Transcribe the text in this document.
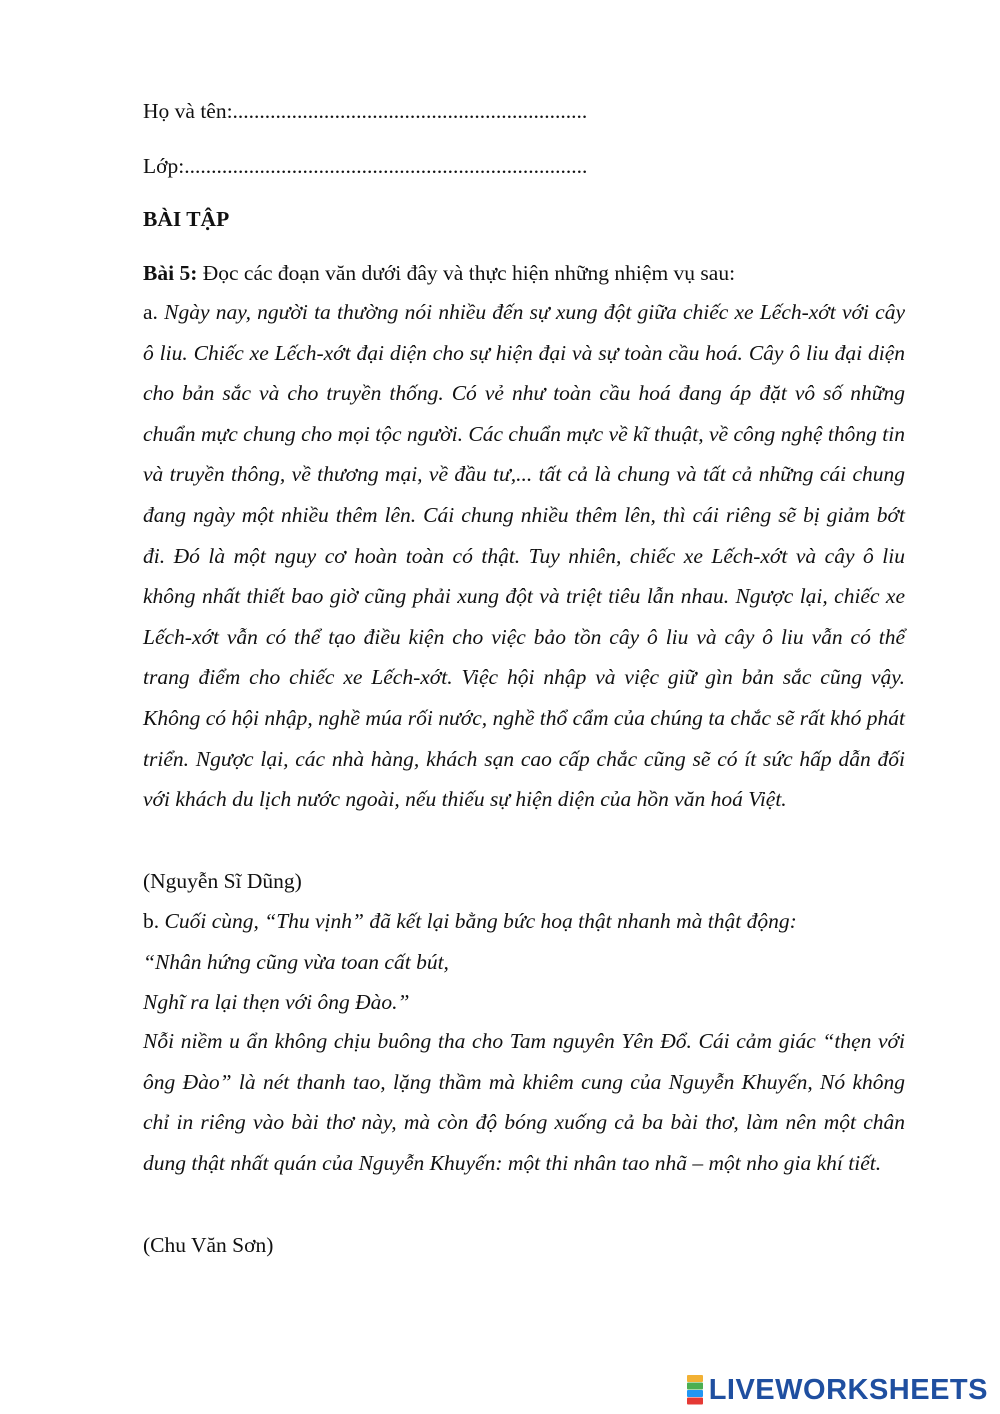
Họ và tên:..................................................................
Lớp:...........................................................................
BÀI TẬP
Bài 5: Đọc các đoạn văn dưới đây và thực hiện những nhiệm vụ sau:
a. Ngày nay, người ta thường nói nhiều đến sự xung đột giữa chiếc xe Lếch-xớt với cây ô liu. Chiếc xe Lếch-xớt đại diện cho sự hiện đại và sự toàn cầu hoá. Cây ô liu đại diện cho bản sắc và cho truyền thống. Có vẻ như toàn cầu hoá đang áp đặt vô số những chuẩn mực chung cho mọi tộc người. Các chuẩn mực về kĩ thuật, về công nghệ thông tin và truyền thông, về thương mại, về đầu tư,... tất cả là chung và tất cả những cái chung đang ngày một nhiều thêm lên. Cái chung nhiều thêm lên, thì cái riêng sẽ bị giảm bớt đi. Đó là một nguy cơ hoàn toàn có thật. Tuy nhiên, chiếc xe Lếch-xớt và cây ô liu không nhất thiết bao giờ cũng phải xung đột và triệt tiêu lẫn nhau. Ngược lại, chiếc xe Lếch-xớt vẫn có thể tạo điều kiện cho việc bảo tồn cây ô liu và cây ô liu vẫn có thể trang điểm cho chiếc xe Lếch-xớt. Việc hội nhập và việc giữ gìn bản sắc cũng vậy. Không có hội nhập, nghề múa rối nước, nghề thổ cẩm của chúng ta chắc sẽ rất khó phát triển. Ngược lại, các nhà hàng, khách sạn cao cấp chắc cũng sẽ có ít sức hấp dẫn đối với khách du lịch nước ngoài, nếu thiếu sự hiện diện của hồn văn hoá Việt.
(Nguyễn Sĩ Dũng)
b. Cuối cùng, “Thu vịnh” đã kết lại bằng bức hoạ thật nhanh mà thật động:
“Nhân hứng cũng vừa toan cất bút,
Nghĩ ra lại thẹn với ông Đào.”
Nỗi niềm u ẩn không chịu buông tha cho Tam nguyên Yên Đổ. Cái cảm giác “thẹn với ông Đào” là nét thanh tao, lặng thầm mà khiêm cung của Nguyễn Khuyến, Nó không chỉ in riêng vào bài thơ này, mà còn độ bóng xuống cả ba bài thơ, làm nên một chân dung thật nhất quán của Nguyễn Khuyến: một thi nhân tao nhã – một nho gia khí tiết.
(Chu Văn Sơn)
LIVEWORKSHEETS
